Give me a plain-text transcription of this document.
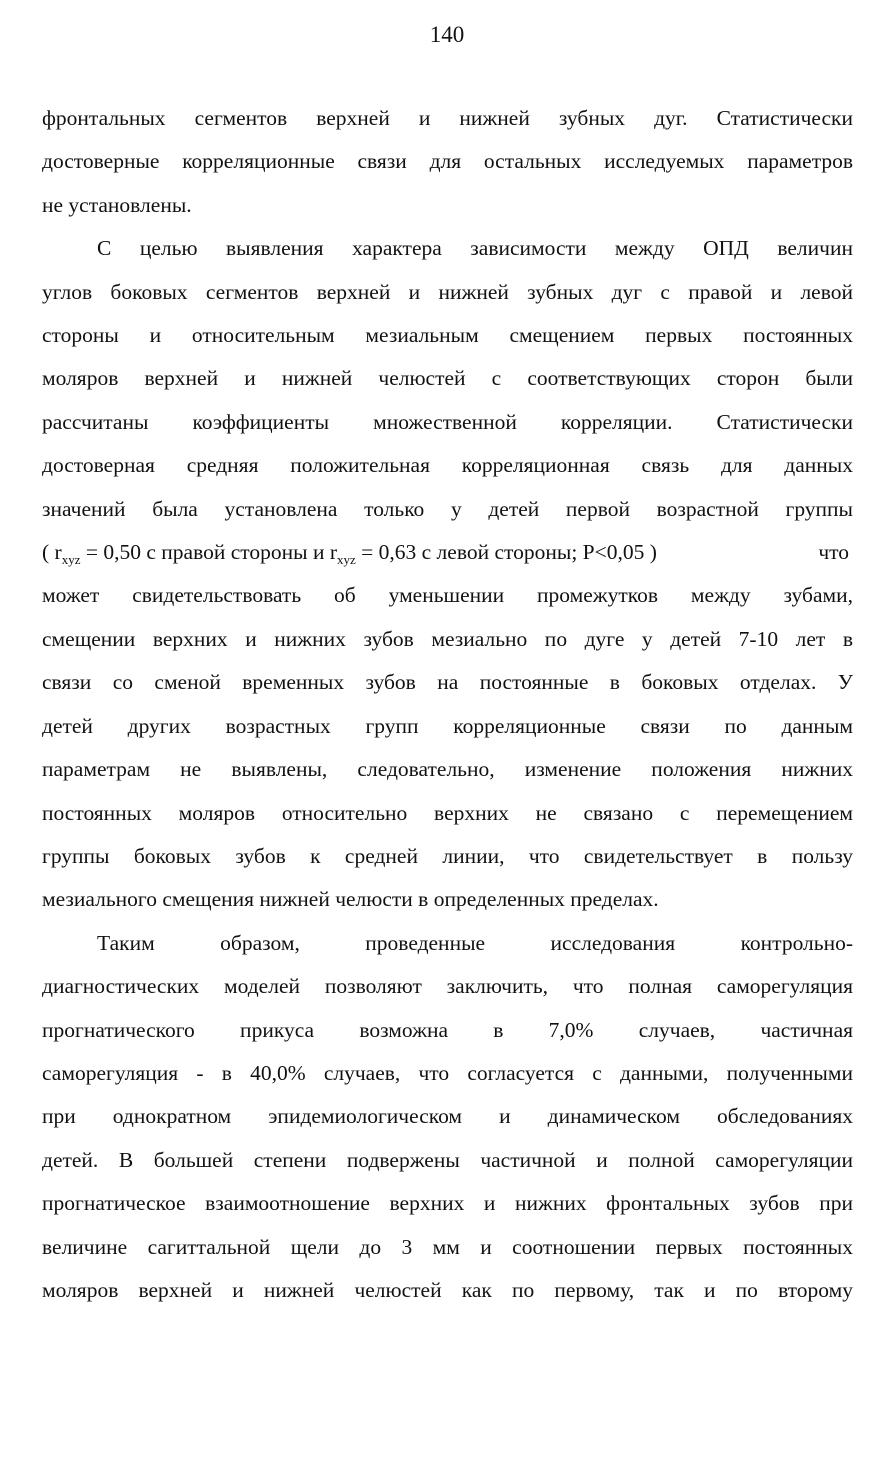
140
фронтальных сегментов верхней и нижней зубных дуг. Статистически
достоверные корреляционные связи для остальных исследуемых параметров
не установлены.
С целью выявления характера зависимости между ОПД величин
углов боковых сегментов верхней и нижней зубных дуг с правой и левой
стороны и относительным мезиальным смещением первых постоянных
моляров верхней и нижней челюстей с соответствующих сторон были
рассчитаны коэффициенты множественной корреляции. Статистически
достоверная средняя положительная корреляционная связь для данных
значений была установлена только у детей первой возрастной группы
( $r_{xyz} = 0,50$ с правой стороны и $r_{xyz} = 0,63$ с левой стороны; Р<0,05 )	что
может свидетельствовать об уменьшении промежутков между зубами,
смещении верхних и нижних зубов мезиально по дуге у детей 7-10 лет в
связи со сменой временных зубов на постоянные в боковых отделах. У
детей других возрастных групп корреляционные связи по данным
параметрам не выявлены, следовательно, изменение положения нижних
постоянных моляров относительно верхних не связано с перемещением
группы боковых зубов к средней линии, что свидетельствует в пользу
мезиального смещения нижней челюсти в определенных пределах.
Таким образом, проведенные исследования контрольно-
диагностических моделей позволяют заключить, что полная саморегуляция
прогнатического прикуса возможна в 7,0% случаев, частичная
саморегуляция - в 40,0% случаев, что согласуется с данными, полученными
при однократном эпидемиологическом и динамическом обследованиях
детей. В большей степени подвержены частичной и полной саморегуляции
прогнатическое взаимоотношение верхних и нижних фронтальных зубов при
величине сагиттальной щели до 3 мм и соотношении первых постоянных
моляров верхней и нижней челюстей как по первому, так и по второму
